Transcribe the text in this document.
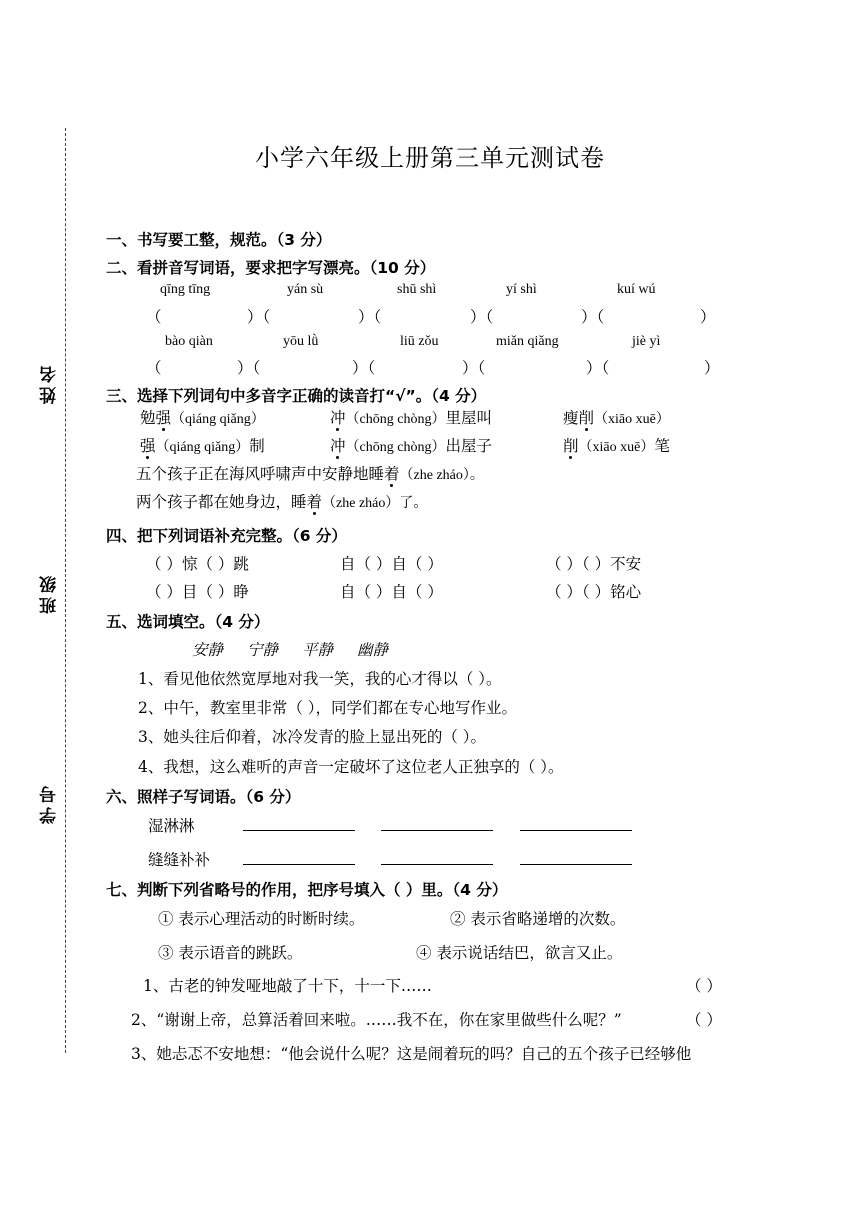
姓名
班级
学号
小学六年级上册第三单元测试卷
一、书写要工整，规范。（3 分）
二、看拼音写词语，要求把字写漂亮。（10 分）
qīng tīng	yán sù	shū shì	yí shì	kuí wú
（	）（	）（	）（	）（	）
bào qiàn	yōu lǜ	liū zǒu	miǎn qiǎng	jiè yì
（	）（	）（	）（	）（	）
三、选择下列词句中多音字正确的读音打“√”。（4 分）
勉强（qiáng qiǎng）	冲（chōng chòng）里屋叫	瘦削（xiāo xuē）
强（qiáng qiǎng）制	冲（chōng chòng）出屋子	削（xiāo xuē）笔
五个孩子正在海风呼啸声中安静地睡着（zhe zháo）。
两个孩子都在她身边，睡着（zhe zháo）了。
四、把下列词语补充完整。（6 分）
（ ）惊（ ）跳	自（ ）自（ ）	（ ）（ ）不安
（ ）目（ ）睁	自（ ）自（ ）	（ ）（ ）铭心
五、选词填空。（4 分）
安静 宁静 平静 幽静
1、看见他依然宽厚地对我一笑，我的心才得以（ ）。
2、中午，教室里非常（ ），同学们都在专心地写作业。
3、她头往后仰着，冰冷发青的脸上显出死的（ ）。
4、我想，这么难听的声音一定破坏了这位老人正独享的（ ）。
六、照样子写词语。（6 分）
湿淋淋
缝缝补补
七、判断下列省略号的作用，把序号填入（ ）里。（4 分）
① 表示心理活动的时断时续。	② 表示省略递增的次数。
③ 表示语音的跳跃。	④ 表示说话结巴，欲言又止。
1、古老的钟发哑地敲了十下，十一下……	（ ）
2、“谢谢上帝，总算活着回来啦。……我不在，你在家里做些什么呢？”	（ ）
3、她忐忑不安地想：“他会说什么呢？这是闹着玩的吗？自己的五个孩子已经够他
